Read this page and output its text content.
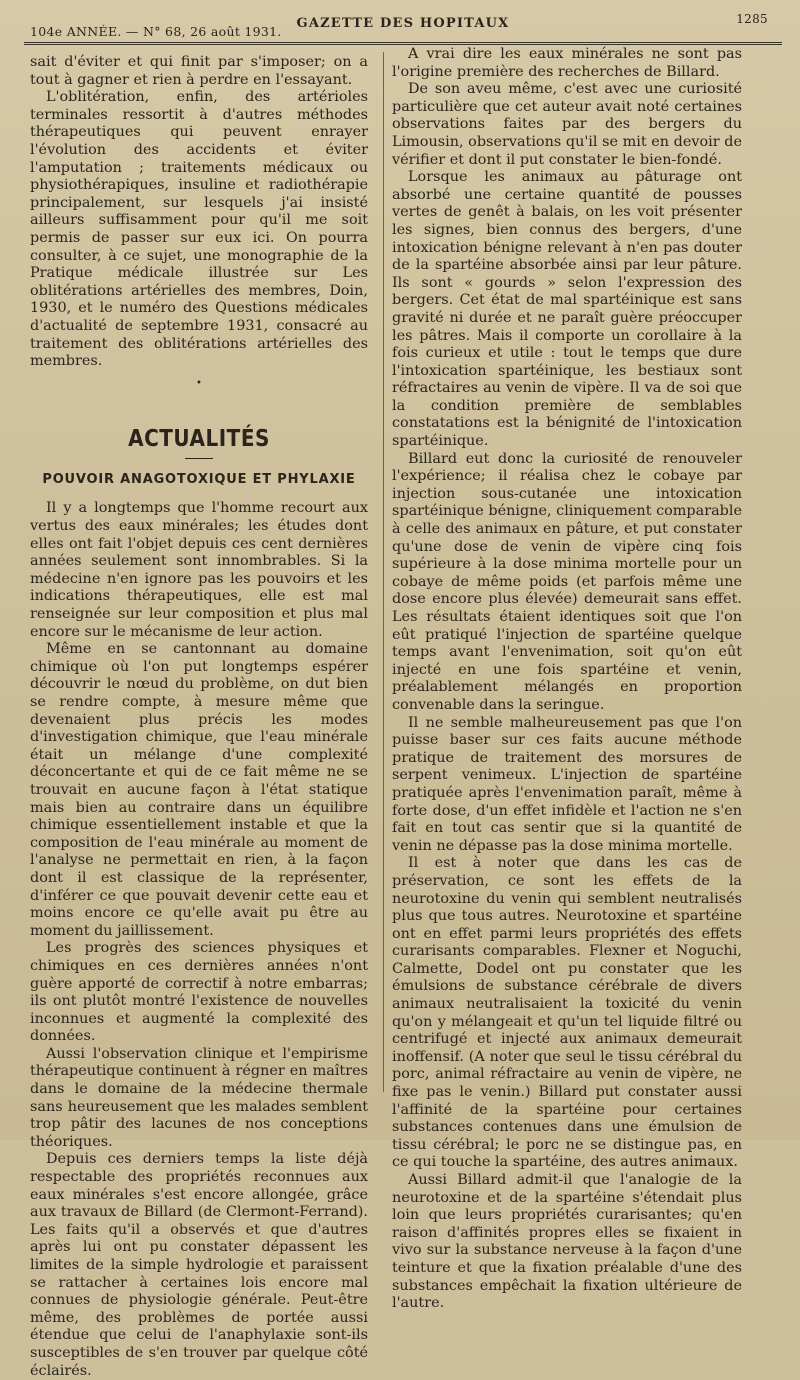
104e ANNÉE. — N° 68, 26 août 1931.
GAZETTE DES HOPITAUX	1285

sait d'éviter et qui finit par s'imposer; on a tout à gagner et rien à perdre en l'essayant.

L'oblitération, enfin, des artérioles terminales ressortit à d'autres méthodes thérapeutiques qui peuvent enrayer l'évolution des accidents et éviter l'amputation ; traitements médicaux ou physiothérapiques, insuline et radiothérapie principalement, sur lesquels j'ai insisté ailleurs suffisamment pour qu'il me soit permis de passer sur eux ici. On pourra consulter, à ce sujet, une monographie de la Pratique médicale illustrée sur Les oblitérations artérielles des membres, Doin, 1930, et le numéro des Questions médicales d'actualité de septembre 1931, consacré au traitement des oblitérations artérielles des membres.

•
ACTUALITÉS
POUVOIR ANAGOTOXIQUE ET PHYLAXIE

Il y a longtemps que l'homme recourt aux vertus des eaux minérales; les études dont elles ont fait l'objet depuis ces cent dernières années seulement sont innombrables. Si la médecine n'en ignore pas les pouvoirs et les indications thérapeutiques, elle est mal renseignée sur leur composition et plus mal encore sur le mécanisme de leur action.

Même en se cantonnant au domaine chimique où l'on put longtemps espérer découvrir le nœud du problème, on dut bien se rendre compte, à mesure même que devenaient plus précis les modes d'investigation chimique, que l'eau minérale était un mélange d'une complexité déconcertante et qui de ce fait même ne se trouvait en aucune façon à l'état statique mais bien au contraire dans un équilibre chimique essentiellement instable et que la composition de l'eau minérale au moment de l'analyse ne permettait en rien, à la façon dont il est classique de la représenter, d'inférer ce que pouvait devenir cette eau et moins encore ce qu'elle avait pu être au moment du jaillissement.

Les progrès des sciences physiques et chimiques en ces dernières années n'ont guère apporté de correctif à notre embarras; ils ont plutôt montré l'existence de nouvelles inconnues et augmenté la complexité des données.

Aussi l'observation clinique et l'empirisme thérapeutique continuent à régner en maîtres dans le domaine de la médecine thermale sans heureusement que les malades semblent trop pâtir des lacunes de nos conceptions théoriques.

Depuis ces derniers temps la liste déjà respectable des propriétés reconnues aux eaux minérales s'est encore allongée, grâce aux travaux de Billard (de Clermont-Ferrand). Les faits qu'il a observés et que d'autres après lui ont pu constater dépassent les limites de la simple hydrologie et paraissent se rattacher à certaines lois encore mal connues de physiologie générale. Peut-être même, des problèmes de portée aussi étendue que celui de l'anaphylaxie sont-ils susceptibles de s'en trouver par quelque côté éclairés.

A vrai dire les eaux minérales ne sont pas l'origine première des recherches de Billard.

De son aveu même, c'est avec une curiosité particulière que cet auteur avait noté certaines observations faites par des bergers du Limousin, observations qu'il se mit en devoir de vérifier et dont il put constater le bien-fondé.

Lorsque les animaux au pâturage ont absorbé une certaine quantité de pousses vertes de genêt à balais, on les voit présenter les signes, bien connus des bergers, d'une intoxication bénigne relevant à n'en pas douter de la spartéine absorbée ainsi par leur pâture. Ils sont « gourds » selon l'expression des bergers. Cet état de mal spartéinique est sans gravité ni durée et ne paraît guère préoccuper les pâtres. Mais il comporte un corollaire à la fois curieux et utile : tout le temps que dure l'intoxication spartéinique, les bestiaux sont réfractaires au venin de vipère. Il va de soi que la condition première de semblables constatations est la bénignité de l'intoxication spartéinique.

Billard eut donc la curiosité de renouveler l'expérience; il réalisa chez le cobaye par injection sous-cutanée une intoxication spartéinique bénigne, cliniquement comparable à celle des animaux en pâture, et put constater qu'une dose de venin de vipère cinq fois supérieure à la dose minima mortelle pour un cobaye de même poids (et parfois même une dose encore plus élevée) demeurait sans effet. Les résultats étaient identiques soit que l'on eût pratiqué l'injection de spartéine quelque temps avant l'envenimation, soit qu'on eût injecté en une fois spartéine et venin, préalablement mélangés en proportion convenable dans la seringue.

Il ne semble malheureusement pas que l'on puisse baser sur ces faits aucune méthode pratique de traitement des morsures de serpent venimeux. L'injection de spartéine pratiquée après l'envenimation paraît, même à forte dose, d'un effet infidèle et l'action ne s'en fait en tout cas sentir que si la quantité de venin ne dépasse pas la dose minima mortelle.

Il est à noter que dans les cas de préservation, ce sont les effets de la neurotoxine du venin qui semblent neutralisés plus que tous autres. Neurotoxine et spartéine ont en effet parmi leurs propriétés des effets curarisants comparables. Flexner et Noguchi, Calmette, Dodel ont pu constater que les émulsions de substance cérébrale de divers animaux neutralisaient la toxicité du venin qu'on y mélangeait et qu'un tel liquide filtré ou centrifugé et injecté aux animaux demeurait inoffensif. (A noter que seul le tissu cérébral du porc, animal réfractaire au venin de vipère, ne fixe pas le venin.) Billard put constater aussi l'affinité de la spartéine pour certaines substances contenues dans une émulsion de tissu cérébral; le porc ne se distingue pas, en ce qui touche la spartéine, des autres animaux.

Aussi Billard admit-il que l'analogie de la neurotoxine et de la spartéine s'étendait plus loin que leurs propriétés curarisantes; qu'en raison d'affinités propres elles se fixaient in vivo sur la substance nerveuse à la façon d'une teinture et que la fixation préalable d'une des substances empêchait la fixation ultérieure de l'autre.
